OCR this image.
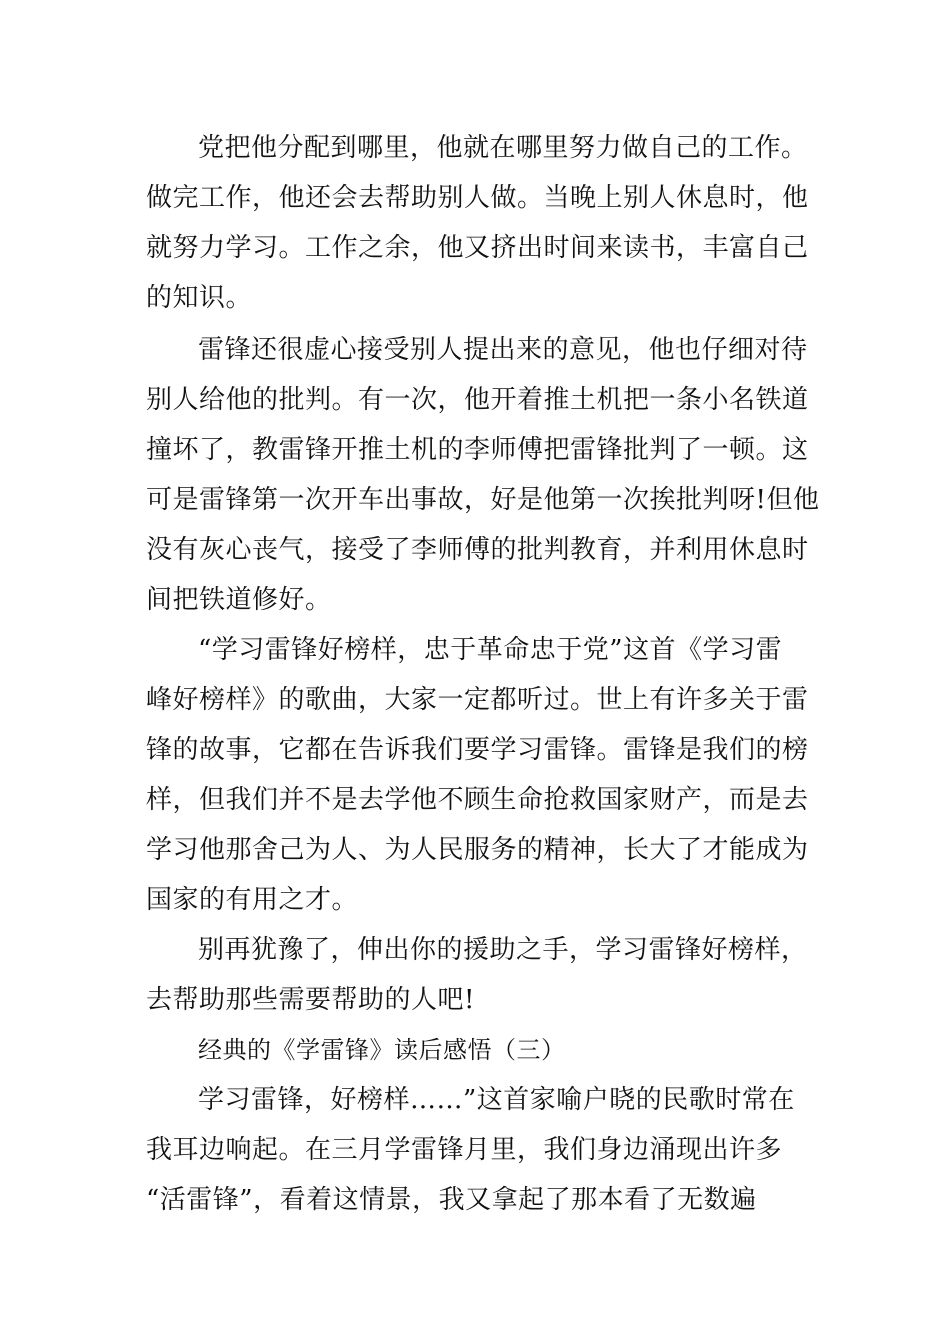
党把他分配到哪里，他就在哪里努力做自己的工作。
做完工作，他还会去帮助别人做。当晚上别人休息时，他
就努力学习。工作之余，他又挤出时间来读书，丰富自己
的知识。
雷锋还很虚心接受别人提出来的意见，他也仔细对待
别人给他的批判。有一次，他开着推土机把一条小名铁道
撞坏了，教雷锋开推土机的李师傅把雷锋批判了一顿。这
可是雷锋第一次开车出事故，好是他第一次挨批判呀!但他
没有灰心丧气，接受了李师傅的批判教育，并利用休息时
间把铁道修好。
“学习雷锋好榜样，忠于革命忠于党”这首《学习雷
峰好榜样》的歌曲，大家一定都听过。世上有许多关于雷
锋的故事，它都在告诉我们要学习雷锋。雷锋是我们的榜
样，但我们并不是去学他不顾生命抢救国家财产，而是去
学习他那舍己为人、为人民服务的精神，长大了才能成为
国家的有用之才。
别再犹豫了，伸出你的援助之手，学习雷锋好榜样，
去帮助那些需要帮助的人吧!
经典的《学雷锋》读后感悟（三）
学习雷锋，好榜样……”这首家喻户晓的民歌时常在
我耳边响起。在三月学雷锋月里，我们身边涌现出许多
“活雷锋”，看着这情景，我又拿起了那本看了无数遍
